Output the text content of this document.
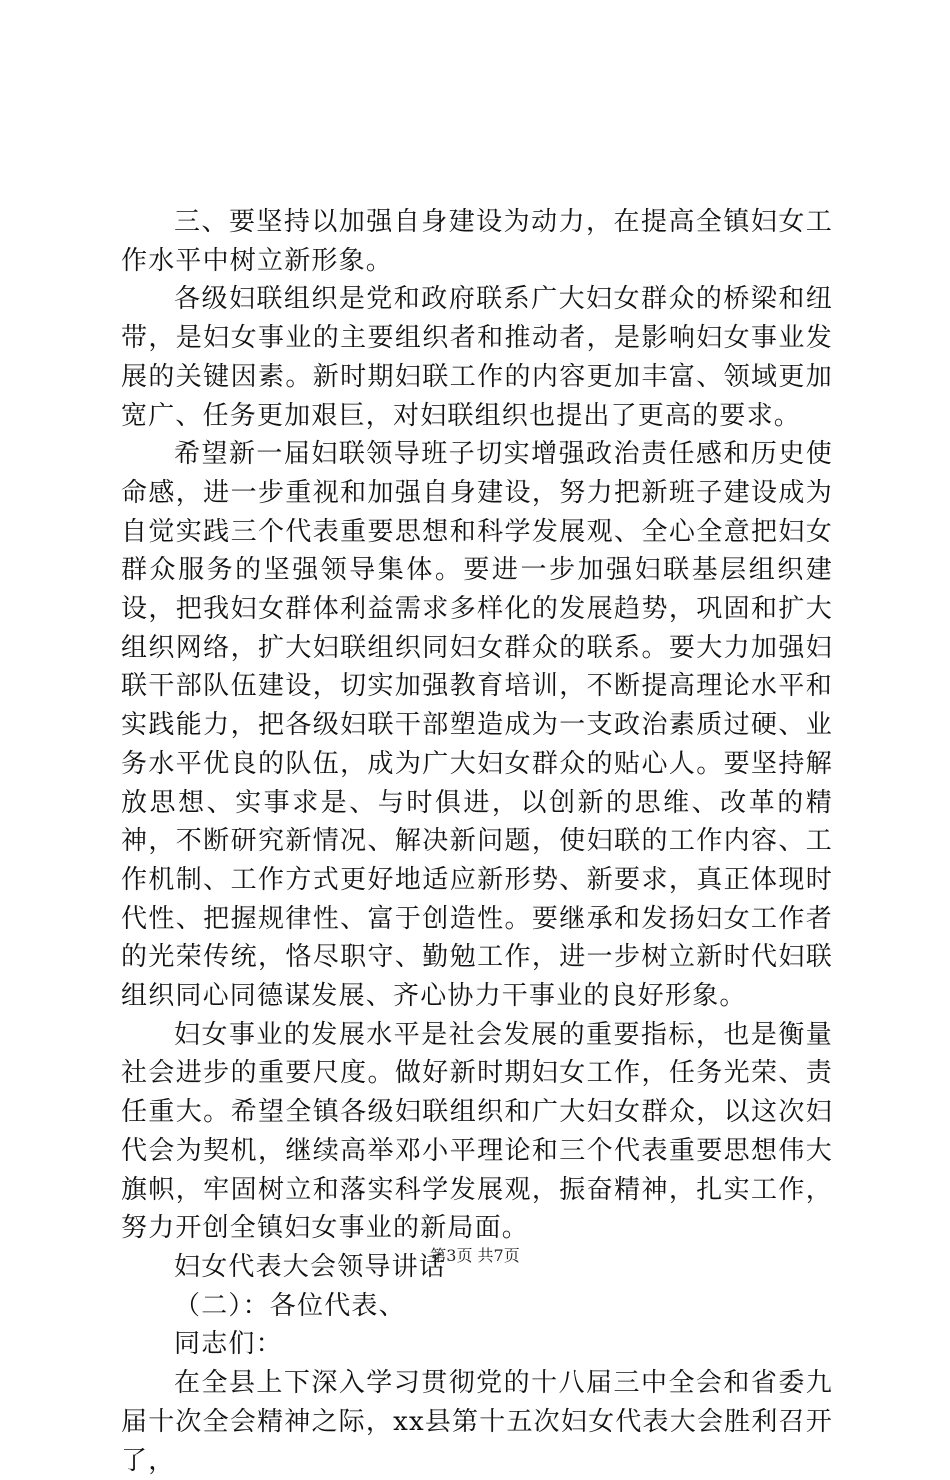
三、要坚持以加强自身建设为动力，在提高全镇妇女工作水平中树立新形象。

各级妇联组织是党和政府联系广大妇女群众的桥梁和纽带，是妇女事业的主要组织者和推动者，是影响妇女事业发展的关键因素。新时期妇联工作的内容更加丰富、领域更加宽广、任务更加艰巨，对妇联组织也提出了更高的要求。

希望新一届妇联领导班子切实增强政治责任感和历史使命感，进一步重视和加强自身建设，努力把新班子建设成为自觉实践三个代表重要思想和科学发展观、全心全意把妇女群众服务的坚强领导集体。要进一步加强妇联基层组织建设，把我妇女群体利益需求多样化的发展趋势，巩固和扩大组织网络，扩大妇联组织同妇女群众的联系。要大力加强妇联干部队伍建设，切实加强教育培训，不断提高理论水平和实践能力，把各级妇联干部塑造成为一支政治素质过硬、业务水平优良的队伍，成为广大妇女群众的贴心人。要坚持解放思想、实事求是、与时俱进，以创新的思维、改革的精神，不断研究新情况、解决新问题，使妇联的工作内容、工作机制、工作方式更好地适应新形势、新要求，真正体现时代性、把握规律性、富于创造性。要继承和发扬妇女工作者的光荣传统，恪尽职守、勤勉工作，进一步树立新时代妇联组织同心同德谋发展、齐心协力干事业的良好形象。

妇女事业的发展水平是社会发展的重要指标，也是衡量社会进步的重要尺度。做好新时期妇女工作，任务光荣、责任重大。希望全镇各级妇联组织和广大妇女群众，以这次妇代会为契机，继续高举邓小平理论和三个代表重要思想伟大旗帜，牢固树立和落实科学发展观，振奋精神，扎实工作，努力开创全镇妇女事业的新局面。

妇女代表大会领导讲话

（二）：各位代表、

同志们：

在全县上下深入学习贯彻党的十八届三中全会和省委九届十次全会精神之际，xx县第十五次妇女代表大会胜利召开了，

第3页 共7页
